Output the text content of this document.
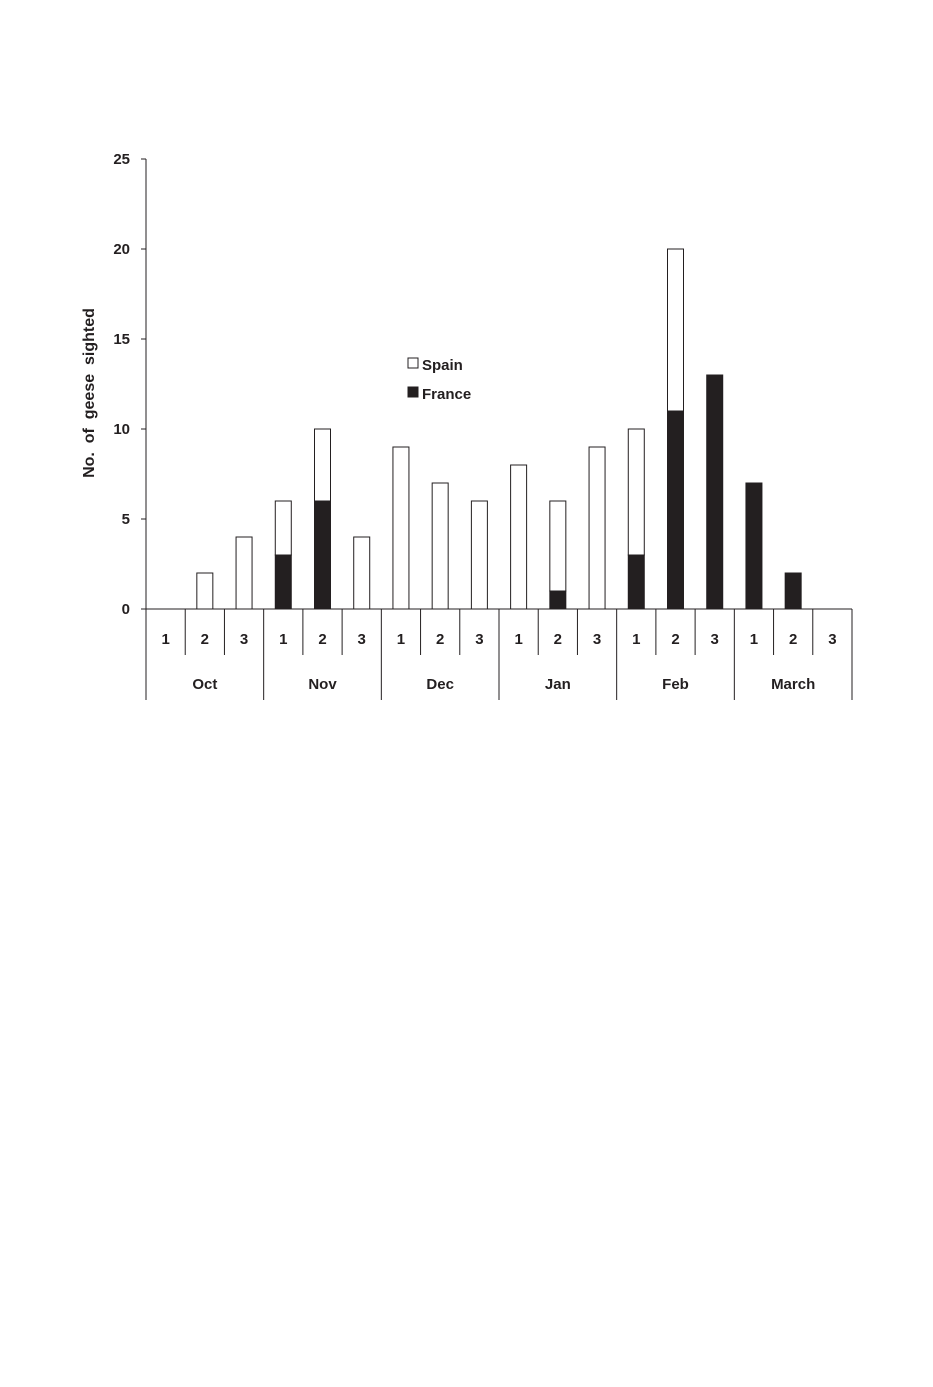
0
5
10
15
20
25
1 2 3 1 2 3 1 2 3 1 2 3 1 2 3 1 2 3
Oct	Nov	Dec	Jan	Feb	March
No.  of  geese  sighted	Spain
France
